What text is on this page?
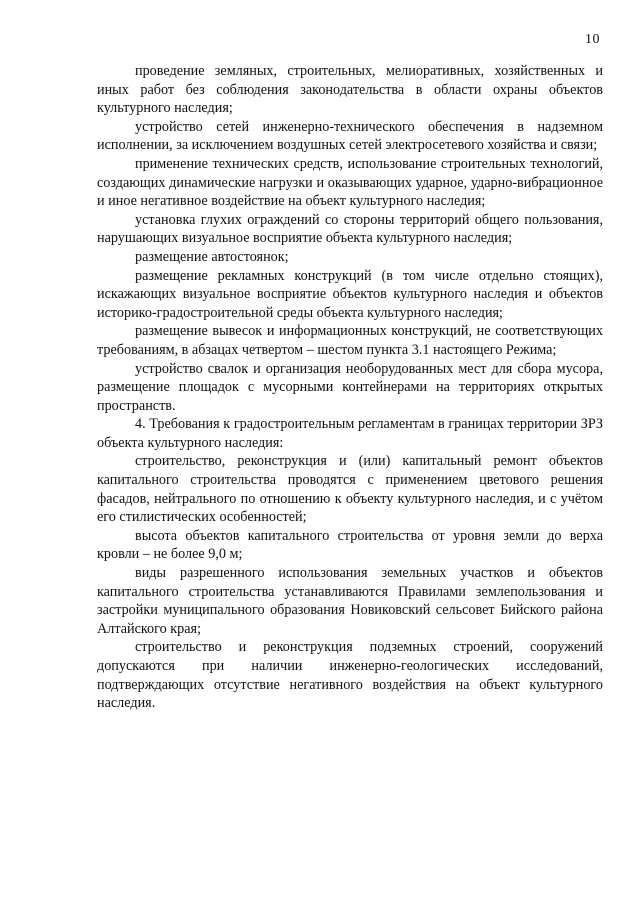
10

проведение земляных, строительных, мелиоративных, хозяйственных и иных работ без соблюдения законодательства в области охраны объектов культурного наследия;

устройство сетей инженерно-технического обеспечения в надземном исполнении, за исключением воздушных сетей электросетевого хозяйства и связи;

применение технических средств, использование строительных технологий, создающих динамические нагрузки и оказывающих ударное, ударно-вибрационное и иное негативное воздействие на объект культурного наследия;

установка глухих ограждений со стороны территорий общего пользования, нарушающих визуальное восприятие объекта культурного наследия;

размещение автостоянок;

размещение рекламных конструкций (в том числе отдельно стоящих), искажающих визуальное восприятие объектов культурного наследия и объектов историко-градостроительной среды объекта культурного наследия;

размещение вывесок и информационных конструкций, не соответствующих требованиям, в абзацах четвертом – шестом пункта 3.1 настоящего Режима;

устройство свалок и организация необорудованных мест для сбора мусора, размещение площадок с мусорными контейнерами на территориях открытых пространств.

4. Требования к градостроительным регламентам в границах территории ЗРЗ объекта культурного наследия:

строительство, реконструкция и (или) капитальный ремонт объектов капитального строительства проводятся с применением цветового решения фасадов, нейтрального по отношению к объекту культурного наследия, и с учётом его стилистических особенностей;

высота объектов капитального строительства от уровня земли до верха кровли – не более 9,0 м;

виды разрешенного использования земельных участков и объектов капитального строительства устанавливаются Правилами землепользования и застройки муниципального образования Новиковский сельсовет Бийского района Алтайского края;

строительство и реконструкция подземных строений, сооружений допускаются при наличии инженерно-геологических исследований, подтверждающих отсутствие негативного воздействия на объект культурного наследия.
